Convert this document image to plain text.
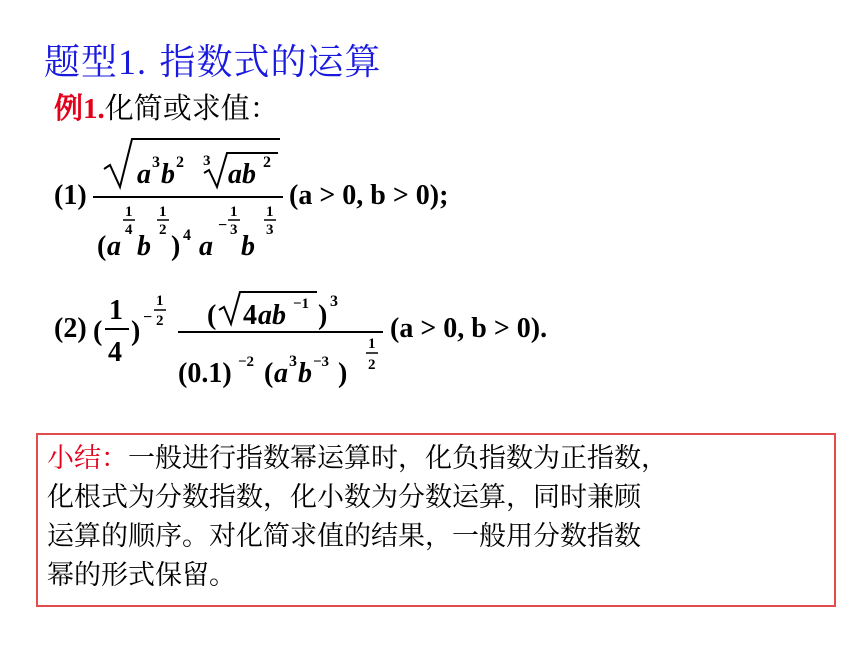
题型1. 指数式的运算
例1.化简或求值：
(1)
a 3 b 2 3 ab 2
( a
1
4
b
1
2
) 4 a
−
1
3
b
1
3
(a > 0, b > 0);
(2) (
1
4
) −
1
2 ( 4 ab −1 ) 3
(0.1) −2 ( a 3 b −3 )
1
2
(a > 0, b > 0).
小结：一般进行指数幂运算时，化负指数为正指数，
化根式为分数指数，化小数为分数运算，同时兼顾
运算的顺序。对化简求值的结果，一般用分数指数
幂的形式保留。
